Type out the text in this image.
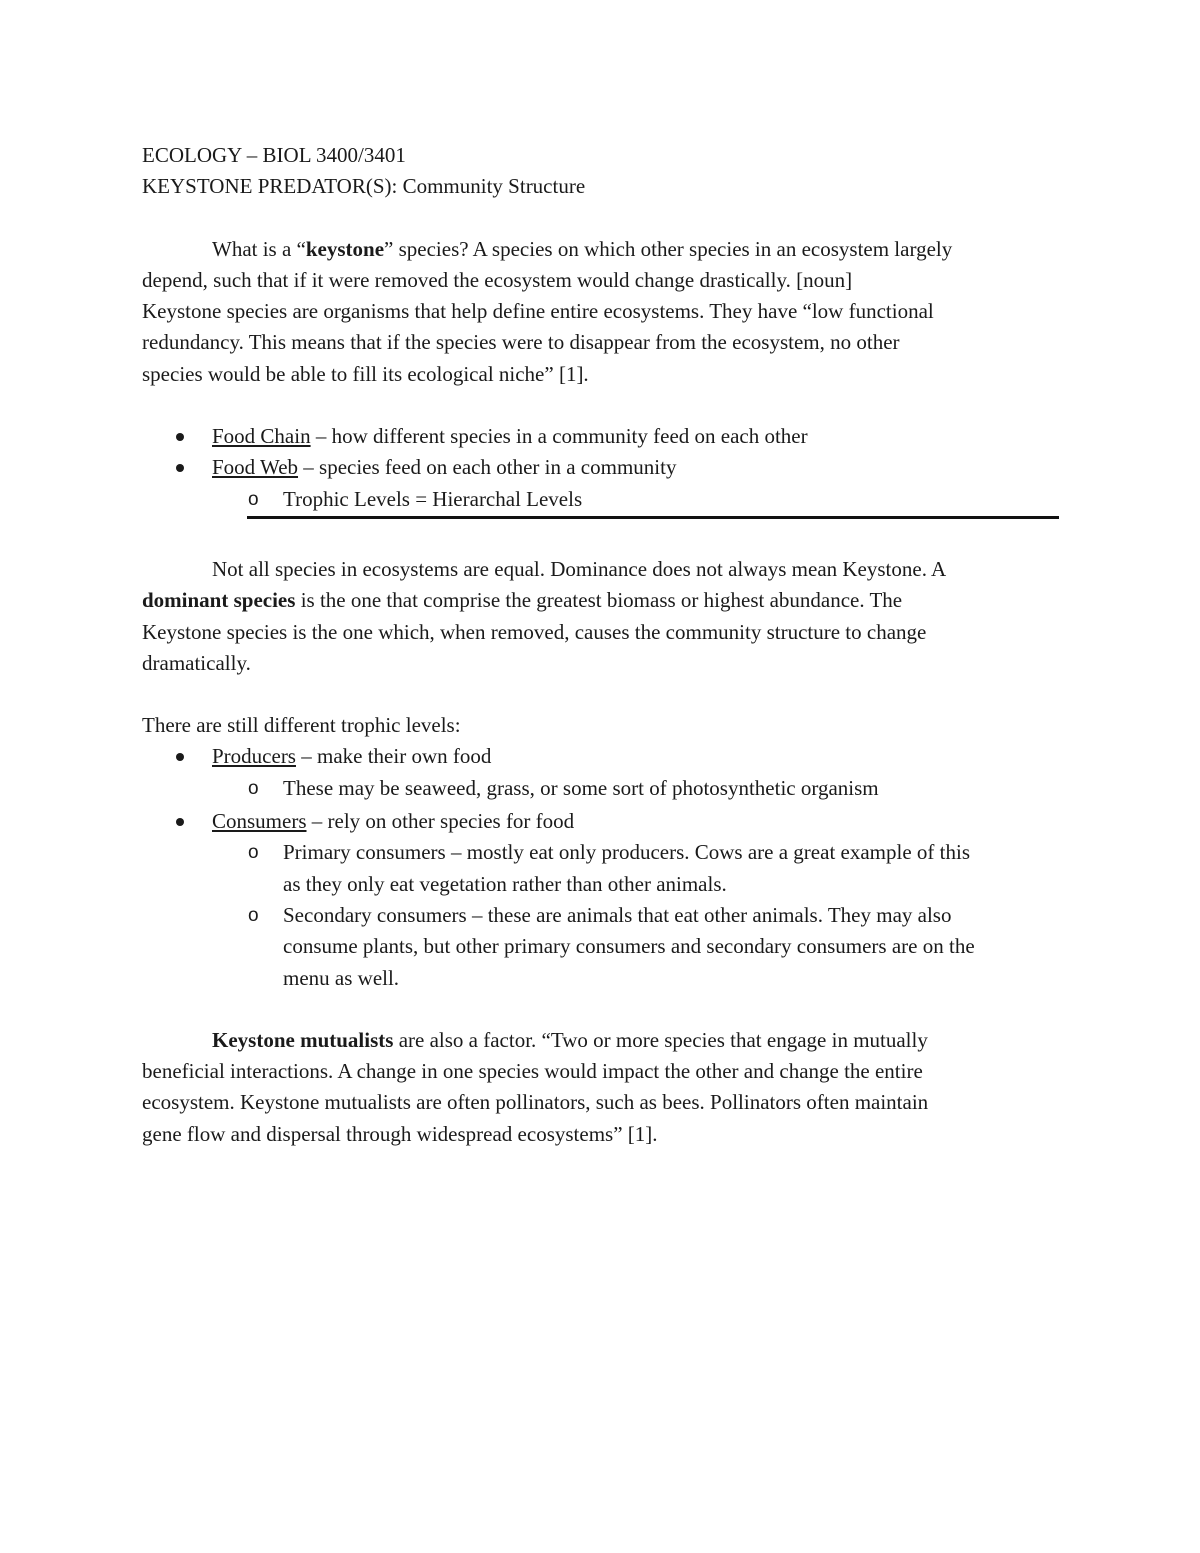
ECOLOGY – BIOL 3400/3401
KEYSTONE PREDATOR(S): Community Structure
What is a “keystone” species? A species on which other species in an ecosystem largely
depend, such that if it were removed the ecosystem would change drastically. [noun]
Keystone species are organisms that help define entire ecosystems. They have “low functional
redundancy. This means that if the species were to disappear from the ecosystem, no other
species would be able to fill its ecological niche” [1].
Food Chain – how different species in a community feed on each other
Food Web – species feed on each other in a community
o Trophic Levels = Hierarchal Levels
Not all species in ecosystems are equal. Dominance does not always mean Keystone. A
dominant species is the one that comprise the greatest biomass or highest abundance. The
Keystone species is the one which, when removed, causes the community structure to change
dramatically.
There are still different trophic levels:
Producers – make their own food
o These may be seaweed, grass, or some sort of photosynthetic organism
Consumers – rely on other species for food
o Primary consumers – mostly eat only producers. Cows are a great example of this
as they only eat vegetation rather than other animals.
o Secondary consumers – these are animals that eat other animals. They may also
consume plants, but other primary consumers and secondary consumers are on the
menu as well.
Keystone mutualists are also a factor. “Two or more species that engage in mutually
beneficial interactions. A change in one species would impact the other and change the entire
ecosystem. Keystone mutualists are often pollinators, such as bees. Pollinators often maintain
gene flow and dispersal through widespread ecosystems” [1].
